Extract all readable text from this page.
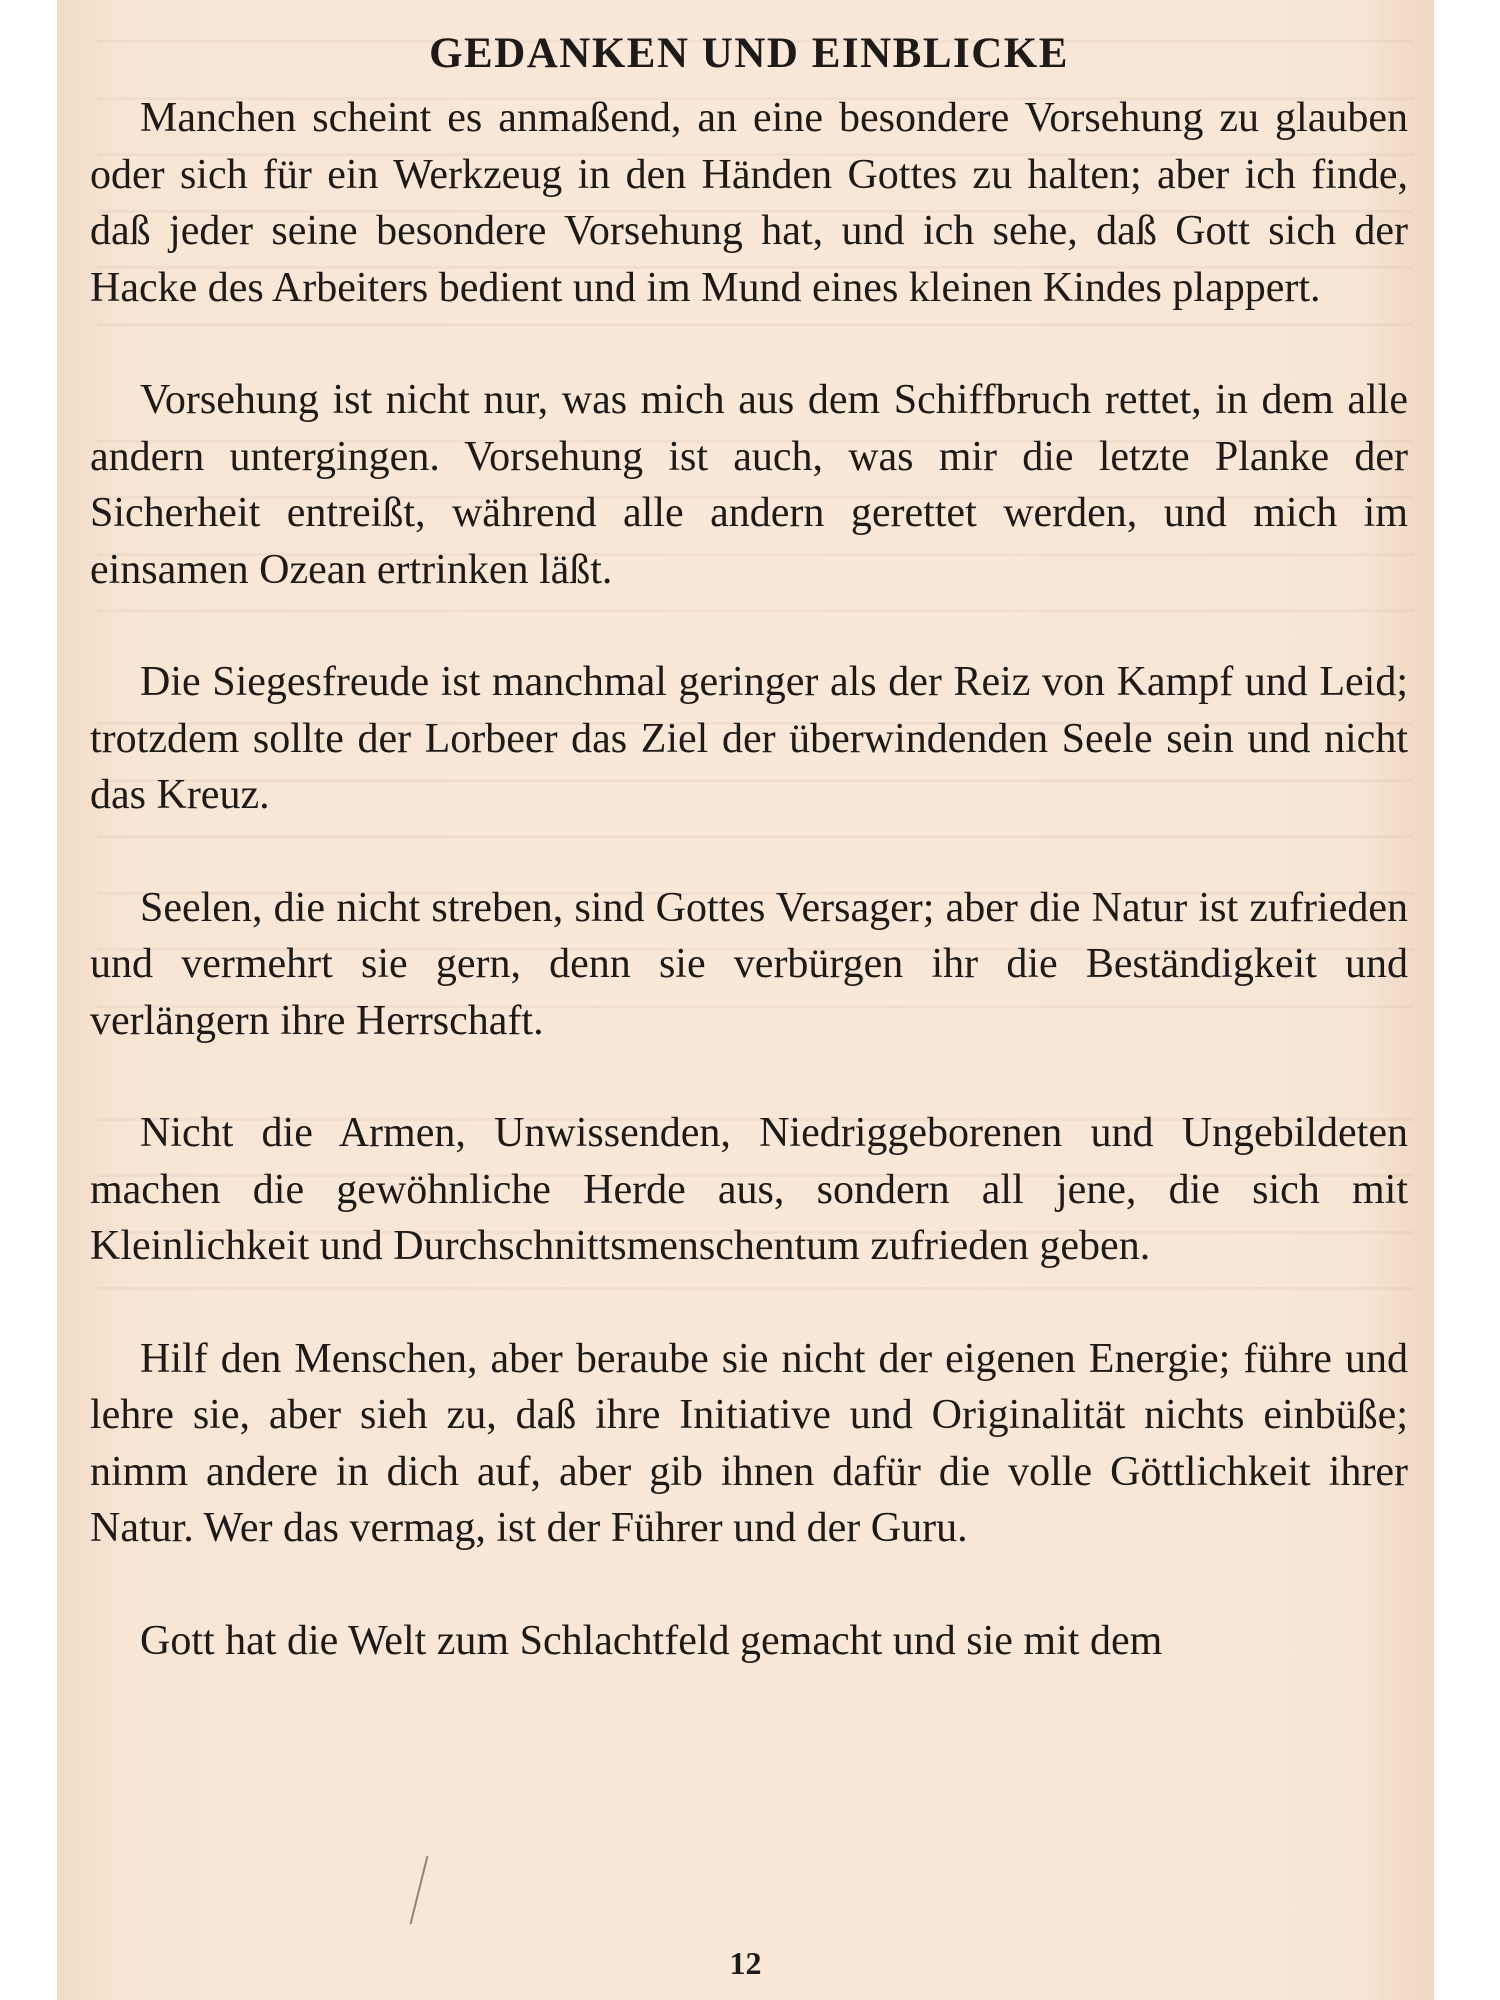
GEDANKEN UND EINBLICKE

Manchen scheint es anmaßend, an eine besondere Vorsehung zu glauben oder sich für ein Werkzeug in den Händen Gottes zu halten; aber ich finde, daß jeder seine besondere Vorsehung hat, und ich sehe, daß Gott sich der Hacke des Arbeiters bedient und im Mund eines kleinen Kindes plappert.

Vorsehung ist nicht nur, was mich aus dem Schiffbruch rettet, in dem alle andern untergingen. Vorsehung ist auch, was mir die letzte Planke der Sicherheit entreißt, während alle andern gerettet werden, und mich im einsamen Ozean ertrinken läßt.

Die Siegesfreude ist manchmal geringer als der Reiz von Kampf und Leid; trotzdem sollte der Lorbeer das Ziel der überwindenden Seele sein und nicht das Kreuz.

Seelen, die nicht streben, sind Gottes Versager; aber die Natur ist zufrieden und vermehrt sie gern, denn sie verbürgen ihr die Beständigkeit und verlängern ihre Herrschaft.

Nicht die Armen, Unwissenden, Niedriggeborenen und Ungebildeten machen die gewöhnliche Herde aus, sondern all jene, die sich mit Kleinlichkeit und Durchschnittsmenschentum zufrieden geben.

Hilf den Menschen, aber beraube sie nicht der eigenen Energie; führe und lehre sie, aber sieh zu, daß ihre Initiative und Originalität nichts einbüße; nimm andere in dich auf, aber gib ihnen dafür die volle Göttlichkeit ihrer Natur. Wer das vermag, ist der Führer und der Guru.

Gott hat die Welt zum Schlachtfeld gemacht und sie mit dem

12
